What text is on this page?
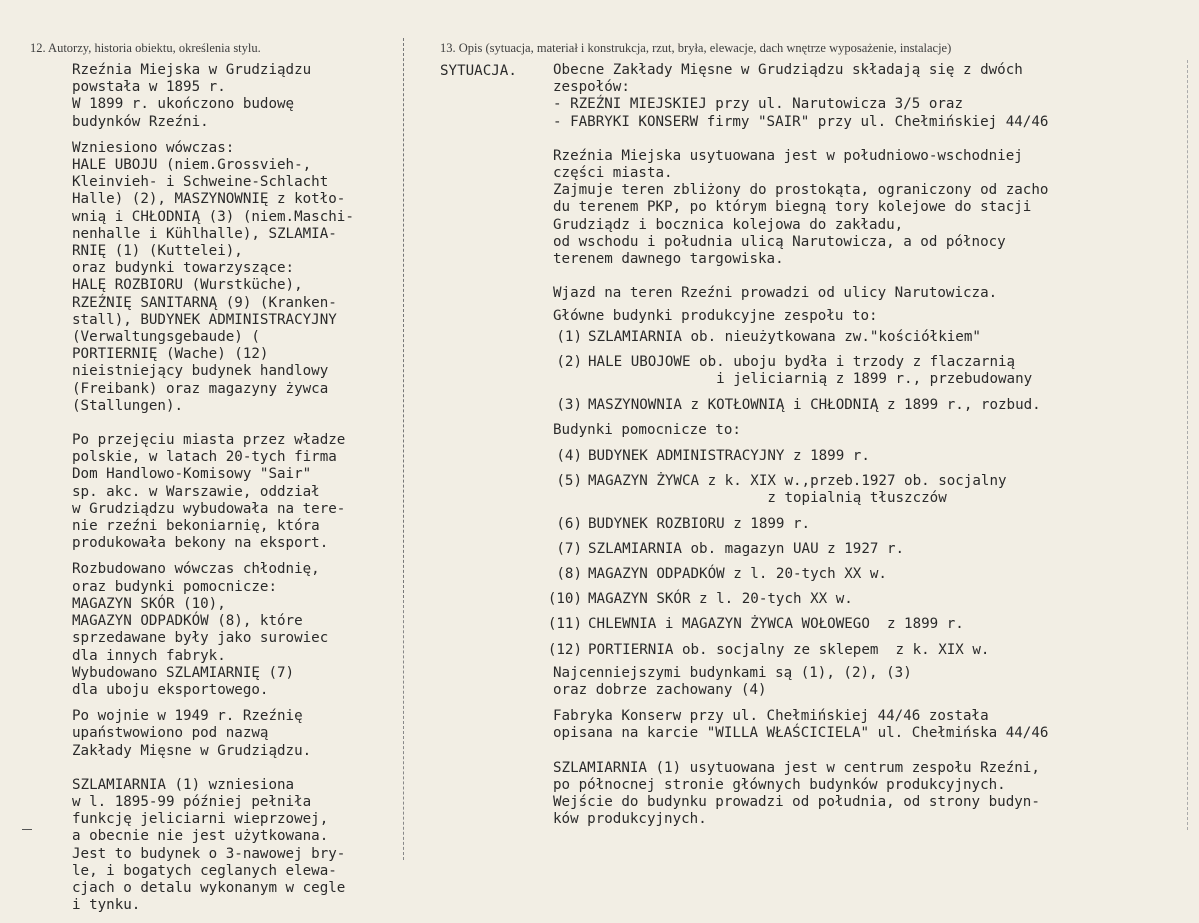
12. Autorzy, historia obiektu, określenia stylu.	13. Opis (sytuacja, materiał i konstrukcja, rzut, bryła, elewacje, dach wnętrze wyposażenie, instalacje)

Rzeźnia Miejska w Grudziądzu
powstała w 1895 r.
W 1899 r. ukończono budowę
budynków Rzeźni.

Wzniesiono wówczas:
HALE UBOJU (niem.Grossvieh-,
Kleinvieh- i Schweine-Schlacht
Halle) (2), MASZYNOWNIĘ z kotło-
wnią i CHŁODNIĄ (3) (niem.Maschi-
nenhalle i Kühlhalle), SZLAMIA-
RNIĘ (1) (Kuttelei),
oraz budynki towarzyszące:
HALĘ ROZBIORU (Wurstküche),
RZEŹNIĘ SANITARNĄ (9) (Kranken-
stall), BUDYNEK ADMINISTRACYJNY
(Verwaltungsgebaude) (
PORTIERNIĘ (Wache) (12)
nieistniejący budynek handlowy
(Freibank) oraz magazyny żywca
(Stallungen).

Po przejęciu miasta przez władze
polskie, w latach 20-tych firma
Dom Handlowo-Komisowy "Sair"
sp. akc. w Warszawie, oddział
w Grudziądzu wybudowała na tere-
nie rzeźni bekoniarnię, która
produkowała bekony na eksport.

Rozbudowano wówczas chłodnię,
oraz budynki pomocnicze:
MAGAZYN SKÓR (10),
MAGAZYN ODPADKÓW (8), które
sprzedawane były jako surowiec
dla innych fabryk.
Wybudowano SZLAMIARNIĘ (7)
dla uboju eksportowego.

Po wojnie w 1949 r. Rzeźnię
upaństwowiono pod nazwą
Zakłady Mięsne w Grudziądzu.

SZLAMIARNIA (1) wzniesiona
w l. 1895-99 później pełniła
funkcję jeliciarni wieprzowej,
a obecnie nie jest użytkowana.
Jest to budynek o 3-nawowej bry-
le, i bogatych ceglanych elewa-
cjach o detalu wykonanym w cegle
i tynku.

SYTUACJA.	Obecne Zakłady Mięsne w Grudziądzu składają się z dwóch
zespołów:
- RZEŹNI MIEJSKIEJ przy ul. Narutowicza 3/5 oraz
- FABRYKI KONSERW firmy "SAIR" przy ul. Chełmińskiej 44/46

Rzeźnia Miejska usytuowana jest w południowo-wschodniej
części miasta.
Zajmuje teren zbliżony do prostokąta, ograniczony od zacho
du terenem PKP, po którym biegną tory kolejowe do stacji
Grudziądz i bocznica kolejowa do zakładu,
od wschodu i południa ulicą Narutowicza, a od północy
terenem dawnego targowiska.

Wjazd na teren Rzeźni prowadzi od ulicy Narutowicza.

Główne budynki produkcyjne zespołu to:

(1) SZLAMIARNIA ob. nieużytkowana zw."kościółkiem"
(2) HALE UBOJOWE ob. uboju bydła i trzody z flaczarnią
i jeliciarnią z 1899 r., przebudowany
(3) MASZYNOWNIA z KOTŁOWNIĄ i CHŁODNIĄ z 1899 r., rozbud.
Budynki pomocnicze to:
(4) BUDYNEK ADMINISTRACYJNY z 1899 r.
(5) MAGAZYN ŻYWCA z k. XIX w.,przeb.1927 ob. socjalny
z topialnią tłuszczów
(6) BUDYNEK ROZBIORU z 1899 r.
(7) SZLAMIARNIA ob. magazyn UAU z 1927 r.
(8) MAGAZYN ODPADKÓW z l. 20-tych XX w.
(10) MAGAZYN SKÓR z l. 20-tych XX w.
(11) CHLEWNIA i MAGAZYN ŻYWCA WOŁOWEGO  z 1899 r.
(12) PORTIERNIA ob. socjalny ze sklepem  z k. XIX w.
Najcenniejszymi budynkami są (1), (2), (3)
oraz dobrze zachowany (4)
Fabryka Konserw przy ul. Chełmińskiej 44/46 została
opisana na karcie "WILLA WŁAŚCICIELA" ul. Chełmińska 44/46
SZLAMIARNIA (1) usytuowana jest w centrum zespołu Rzeźni,
po północnej stronie głównych budynków produkcyjnych.
Wejście do budynku prowadzi od południa, od strony budyn-
ków produkcyjnych.
